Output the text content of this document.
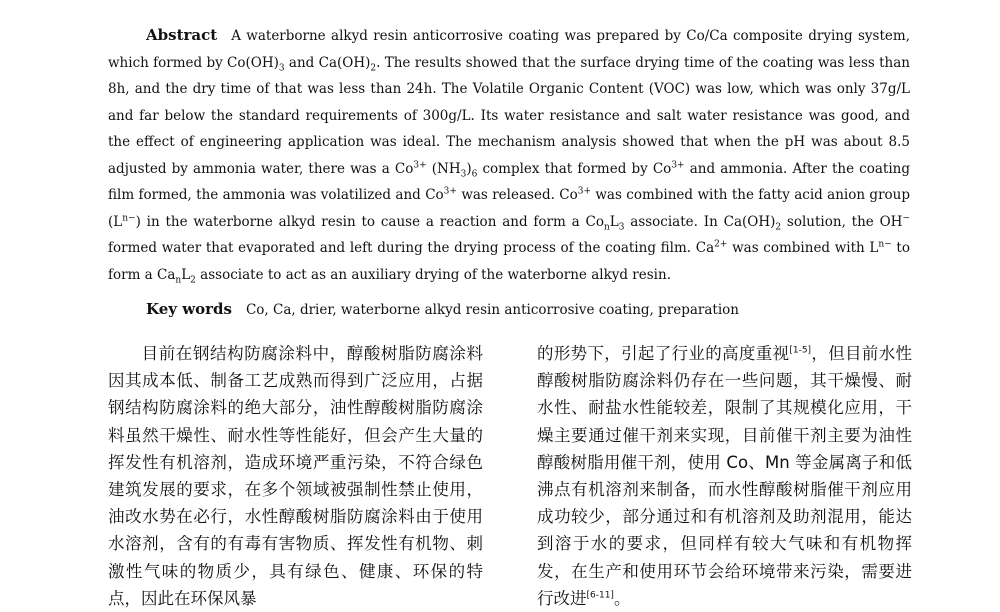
Abstract A waterborne alkyd resin anticorrosive coating was prepared by Co/Ca composite drying system, which formed by $Co(OH)_3$ and $Ca(OH)_2$. The results showed that the surface drying time of the coating was less than 8h, and the dry time of that was less than 24h. The Volatile Organic Content (VOC) was low, which was only 37g/L and far below the standard requirements of 300g/L. Its water resistance and salt water resistance was good, and the effect of engineering application was ideal. The mechanism analysis showed that when the pH was about 8.5 adjusted by ammonia water, there was a $Co^{3+}$ $(NH_3)_6$ complex that formed by $Co^{3+}$ and ammonia. After the coating film formed, the ammonia was volatilized and $Co^{3+}$ was released. $Co^{3+}$ was combined with the fatty acid anion group $(L^{n-})$ in the waterborne alkyd resin to cause a reaction and form a $Co_nL_3$ associate. In $Ca(OH)_2$ solution, the OH− formed water that evaporated and left during the drying process of the coating film. $Ca^{2+}$ was combined with $L^{n-}$ to form a $Ca_nL_2$ associate to act as an auxiliary drying of the waterborne alkyd resin.
Key words Co, Ca, drier, waterborne alkyd resin anticorrosive coating, preparation
目前在钢结构防腐涂料中，醇酸树脂防腐涂料因其成本低、制备工艺成熟而得到广泛应用，占据钢结构防腐涂料的绝大部分，油性醇酸树脂防腐涂料虽然干燥性、耐水性等性能好，但会产生大量的挥发性有机溶剂，造成环境严重污染，不符合绿色建筑发展的要求，在多个领域被强制性禁止使用，油改水势在必行，水性醇酸树脂防腐涂料由于使用水溶剂，含有的有毒有害物质、挥发性有机物、刺激性气味的物质少，具有绿色、健康、环保的特点，因此在环保风暴
的形势下，引起了行业的高度重视[1-5]，但目前水性醇酸树脂防腐涂料仍存在一些问题，其干燥慢、耐水性、耐盐水性能较差，限制了其规模化应用，干燥主要通过催干剂来实现，目前催干剂主要为油性醇酸树脂用催干剂，使用 Co、Mn 等金属离子和低沸点有机溶剂来制备，而水性醇酸树脂催干剂应用成功较少，部分通过和有机溶剂及助剂混用，能达到溶于水的要求，但同样有较大气味和有机物挥发，在生产和使用环节会给环境带来污染，需要进行改进[6-11]。
